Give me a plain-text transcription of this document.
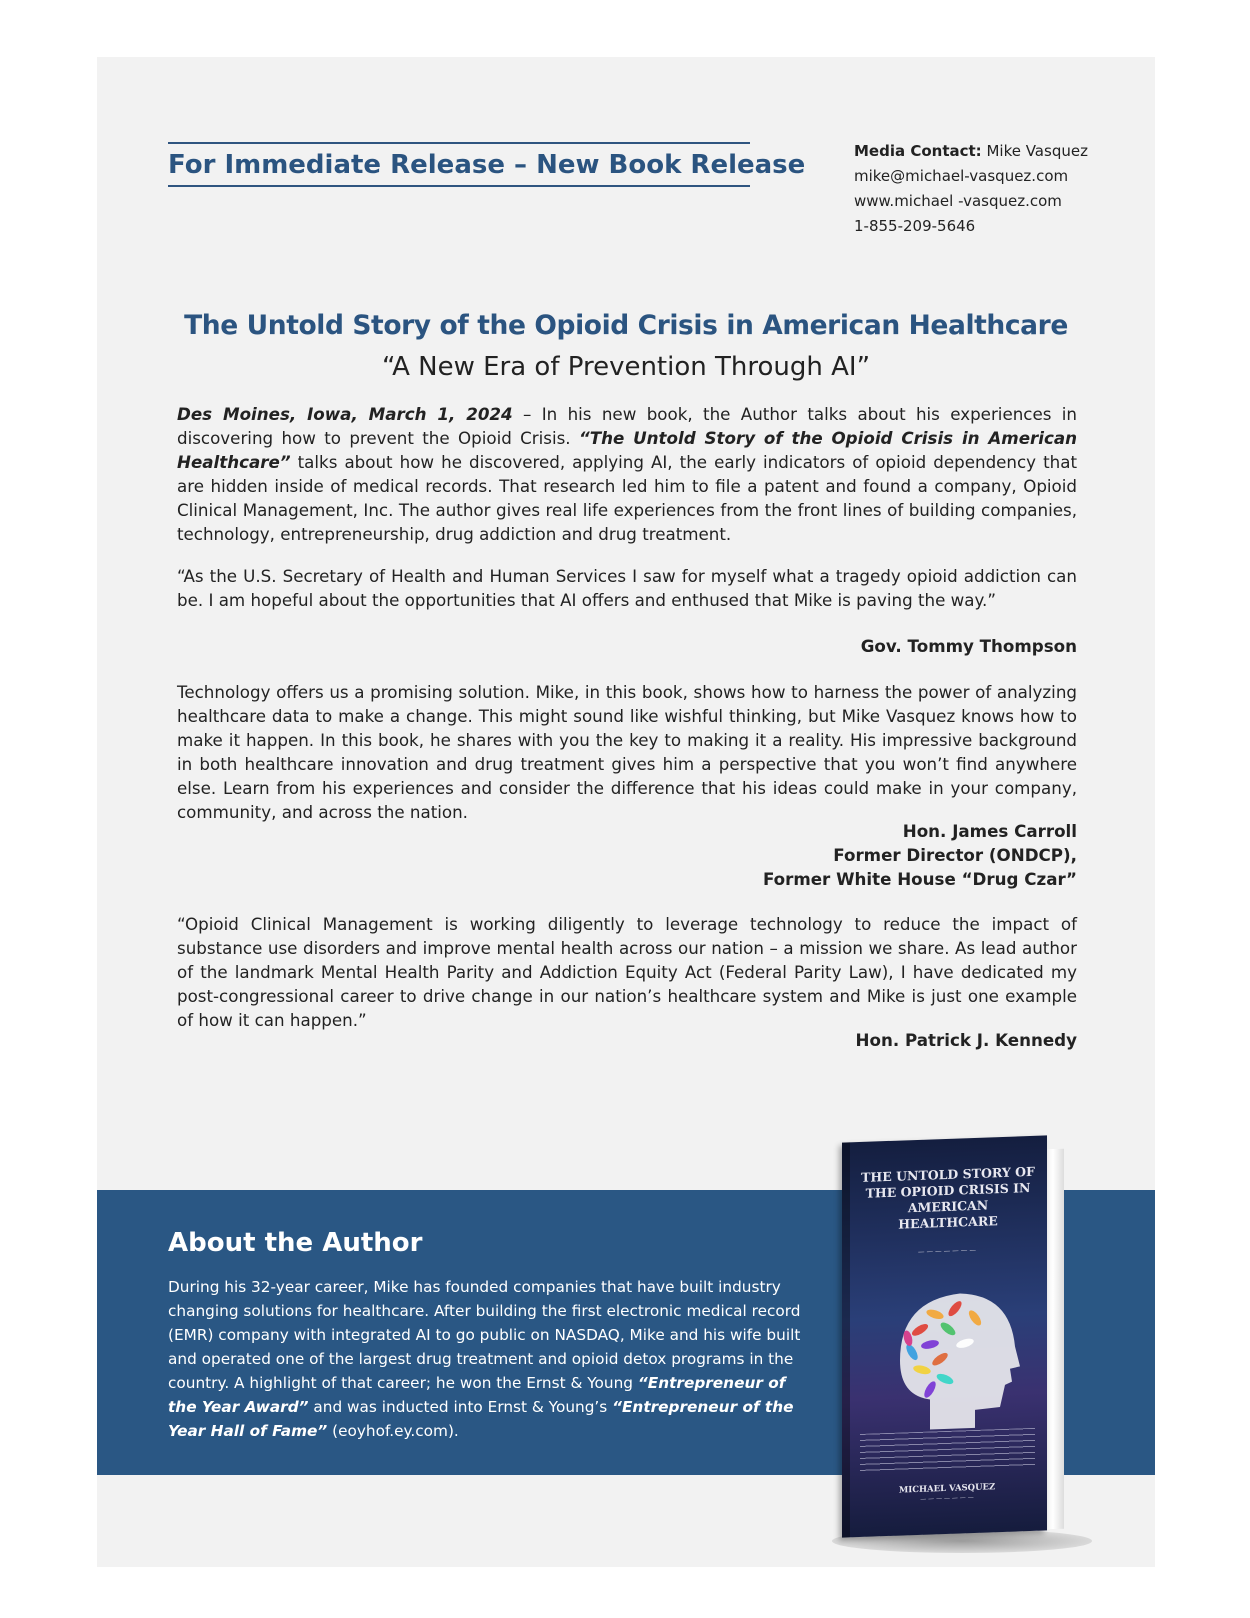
For Immediate Release – New Book Release	Media Contact: Mike Vasquez
mike@michael-vasquez.com
www.michael -vasquez.com
1-855-209-5646
The Untold Story of the Opioid Crisis in American Healthcare
“A New Era of Prevention Through AI”
Des Moines, Iowa, March 1, 2024 – In his new book, the Author talks about his experiences in discovering how to prevent the Opioid Crisis. “The Untold Story of the Opioid Crisis in American Healthcare” talks about how he discovered, applying AI, the early indicators of opioid dependency that are hidden inside of medical records. That research led him to file a patent and found a company, Opioid Clinical Management, Inc. The author gives real life experiences from the front lines of building companies, technology, entrepreneurship, drug addiction and drug treatment.
“As the U.S. Secretary of Health and Human Services I saw for myself what a tragedy opioid addiction can be. I am hopeful about the opportunities that AI offers and enthused that Mike is paving the way.”
Gov. Tommy Thompson
Technology offers us a promising solution. Mike, in this book, shows how to harness the power of analyzing healthcare data to make a change. This might sound like wishful thinking, but Mike Vasquez knows how to make it happen. In this book, he shares with you the key to making it a reality. His impressive background in both healthcare innovation and drug treatment gives him a perspective that you won’t find anywhere else. Learn from his experiences and consider the difference that his ideas could make in your company, community, and across the nation.
Hon. James Carroll
Former Director (ONDCP),
Former White House “Drug Czar”
“Opioid Clinical Management is working diligently to leverage technology to reduce the impact of substance use disorders and improve mental health across our nation – a mission we share. As lead author of the landmark Mental Health Parity and Addiction Equity Act (Federal Parity Law), I have dedicated my post-congressional career to drive change in our nation’s healthcare system and Mike is just one example of how it can happen.”
Hon. Patrick J. Kennedy
About the Author
During his 32-year career, Mike has founded companies that have built industry changing solutions for healthcare. After building the first electronic medical record (EMR) company with integrated AI to go public on NASDAQ, Mike and his wife built and operated one of the largest drug treatment and opioid detox programs in the country. A highlight of that career; he won the Ernst & Young “Entrepreneur of the Year Award” and was inducted into Ernst & Young’s “Entrepreneur of the Year Hall of Fame” (eoyhof.ey.com).
THE UNTOLD STORY OF THE OPIOID CRISIS IN AMERICAN HEALTHCARE
— — — — — — —
MICHAEL VASQUEZ
— — — — — — —
